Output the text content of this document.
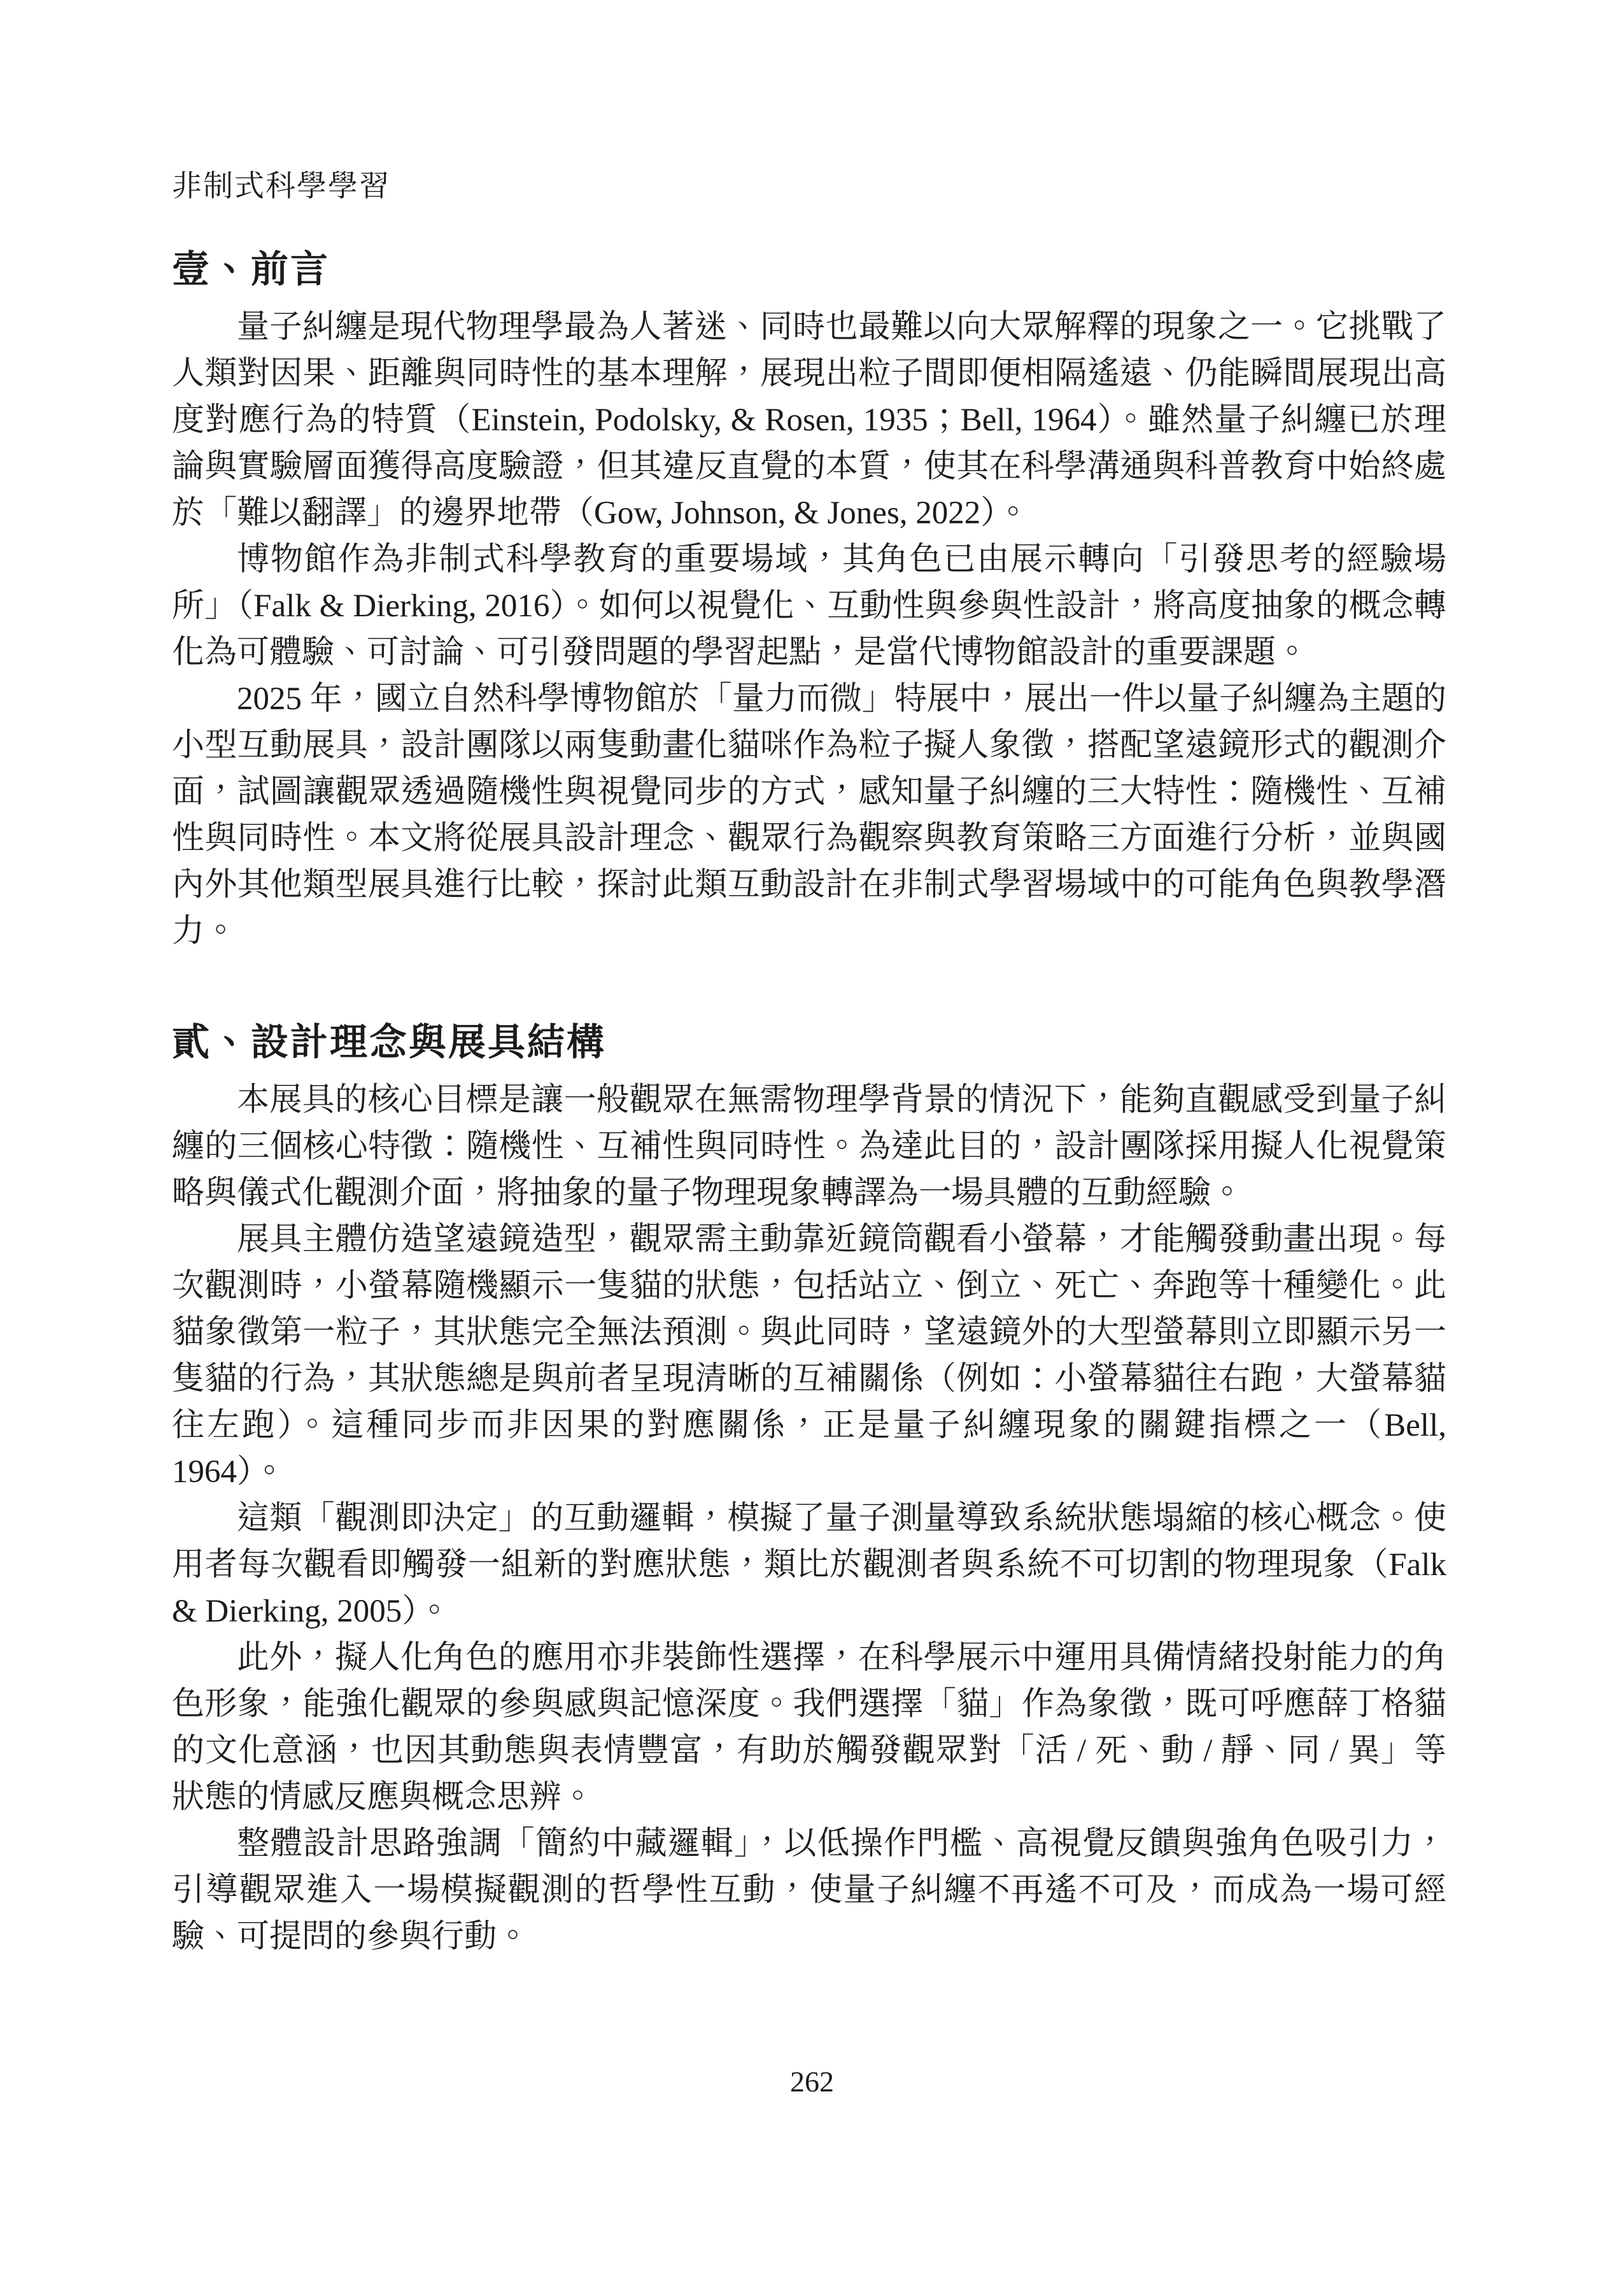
非制式科學學習
壹、前言

量子糾纏是現代物理學最為人著迷、同時也最難以向大眾解釋的現象之一。它挑戰了人類對因果、距離與同時性的基本理解，展現出粒子間即便相隔遙遠、仍能瞬間展現出高度對應行為的特質（Einstein, Podolsky, & Rosen, 1935；Bell, 1964）。雖然量子糾纏已於理論與實驗層面獲得高度驗證，但其違反直覺的本質，使其在科學溝通與科普教育中始終處於「難以翻譯」的邊界地帶（Gow, Johnson, & Jones, 2022）。

博物館作為非制式科學教育的重要場域，其角色已由展示轉向「引發思考的經驗場所」（Falk & Dierking, 2016）。如何以視覺化、互動性與參與性設計，將高度抽象的概念轉化為可體驗、可討論、可引發問題的學習起點，是當代博物館設計的重要課題。

2025 年，國立自然科學博物館於「量力而微」特展中，展出一件以量子糾纏為主題的小型互動展具，設計團隊以兩隻動畫化貓咪作為粒子擬人象徵，搭配望遠鏡形式的觀測介面，試圖讓觀眾透過隨機性與視覺同步的方式，感知量子糾纏的三大特性：隨機性、互補性與同時性。本文將從展具設計理念、觀眾行為觀察與教育策略三方面進行分析，並與國內外其他類型展具進行比較，探討此類互動設計在非制式學習場域中的可能角色與教學潛力。

貳、設計理念與展具結構

本展具的核心目標是讓一般觀眾在無需物理學背景的情況下，能夠直觀感受到量子糾纏的三個核心特徵：隨機性、互補性與同時性。為達此目的，設計團隊採用擬人化視覺策略與儀式化觀測介面，將抽象的量子物理現象轉譯為一場具體的互動經驗。

展具主體仿造望遠鏡造型，觀眾需主動靠近鏡筒觀看小螢幕，才能觸發動畫出現。每次觀測時，小螢幕隨機顯示一隻貓的狀態，包括站立、倒立、死亡、奔跑等十種變化。此貓象徵第一粒子，其狀態完全無法預測。與此同時，望遠鏡外的大型螢幕則立即顯示另一隻貓的行為，其狀態總是與前者呈現清晰的互補關係（例如：小螢幕貓往右跑，大螢幕貓往左跑）。這種同步而非因果的對應關係，正是量子糾纏現象的關鍵指標之一（Bell, 1964）。

這類「觀測即決定」的互動邏輯，模擬了量子測量導致系統狀態塌縮的核心概念。使用者每次觀看即觸發一組新的對應狀態，類比於觀測者與系統不可切割的物理現象（Falk & Dierking, 2005）。

此外，擬人化角色的應用亦非裝飾性選擇，在科學展示中運用具備情緒投射能力的角色形象，能強化觀眾的參與感與記憶深度。我們選擇「貓」作為象徵，既可呼應薛丁格貓的文化意涵，也因其動態與表情豐富，有助於觸發觀眾對「活 / 死、動 / 靜、同 / 異」等狀態的情感反應與概念思辨。

整體設計思路強調「簡約中藏邏輯」，以低操作門檻、高視覺反饋與強角色吸引力，引導觀眾進入一場模擬觀測的哲學性互動，使量子糾纏不再遙不可及，而成為一場可經驗、可提問的參與行動。

262
